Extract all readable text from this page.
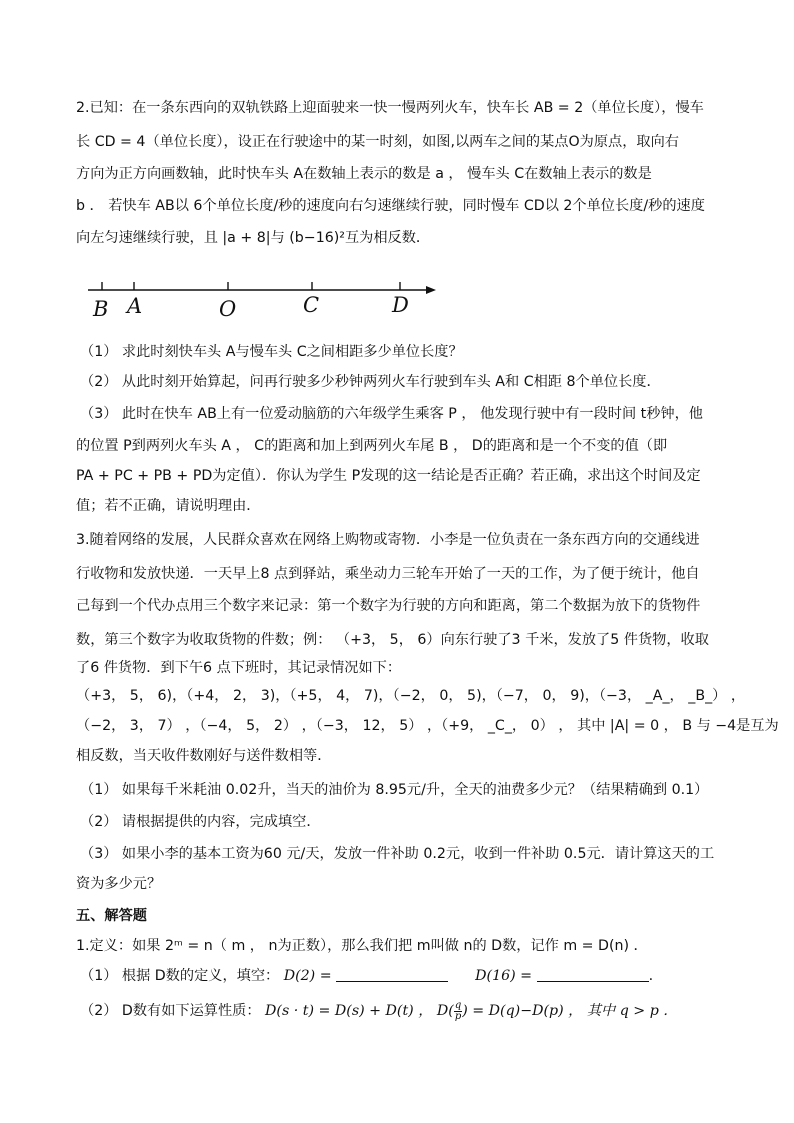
2.已知：在一条东西向的双轨铁路上迎面驶来一快一慢两列火车，快车长 AB = 2（单位长度），慢车
长 CD = 4（单位长度），设正在行驶途中的某一时刻，如图,以两车之间的某点O为原点，取向右
方向为正方向画数轴，此时快车头 A在数轴上表示的数是 a ， 慢车头 C在数轴上表示的数是
b ． 若快车 AB以 6个单位长度/秒的速度向右匀速继续行驶，同时慢车 CD以 2个单位长度/秒的速度
向左匀速继续行驶，且 |a + 8|与 (b−16)²互为相反数．
B A	O	C	D
（1） 求此时刻快车头 A与慢车头 C之间相距多少单位长度？
（2） 从此时刻开始算起，问再行驶多少秒钟两列火车行驶到车头 A和 C相距 8个单位长度．
（3） 此时在快车 AB上有一位爱动脑筋的六年级学生乘客 P ， 他发现行驶中有一段时间 t秒钟，他
的位置 P到两列火车头 A ， C的距离和加上到两列火车尾 B ， D的距离和是一个不变的值（即
PA + PC + PB + PD为定值）．你认为学生 P发现的这一结论是否正确？若正确，求出这个时间及定
值；若不正确，请说明理由．
3.随着网络的发展，人民群众喜欢在网络上购物或寄物．小李是一位负责在一条东西方向的交通线进
行收物和发放快递．一天早上8 点到驿站，乘坐动力三轮车开始了一天的工作，为了便于统计，他自
己每到一个代办点用三个数字来记录：第一个数字为行驶的方向和距离，第二个数据为放下的货物件
数，第三个数字为收取货物的件数；例： （+3， 5， 6）向东行驶了3 千米，发放了5 件货物，收取
了6 件货物．到下午6 点下班时，其记录情况如下：
（+3， 5， 6)，（+4， 2， 3)，（+5， 4， 7)，（−2， 0， 5)，（−7， 0， 9)，（−3， _A_， _B_） ，
（−2， 3， 7） ，（−4， 5， 2） ，（−3， 12， 5） ，（+9， _C_， 0） ， 其中 |A| = 0 ， B 与 −4是互为
相反数，当天收件数刚好与送件数相等．
（1） 如果每千米耗油 0.02升，当天的油价为 8.95元/升，全天的油费多少元？（结果精确到 0.1）
（2） 请根据提供的内容，完成填空．
（3） 如果小李的基本工资为60 元/天，发放一件补助 0.2元，收到一件补助 0.5元．请计算这天的工
资为多少元？
五、解答题
1.定义：如果 2ᵐ = n（ m ， n为正数），那么我们把 m叫做 n的 D数，记作 m = D(n) ．
（1） 根据 D数的定义，填空： D(2) =	D(16) =	.
（2） D数有如下运算性质： D(s · t) = D(s) + D(t) ， $D( \frac{q}{p}$ ) = D(q)−D(p) ， 其中 q > p ．
